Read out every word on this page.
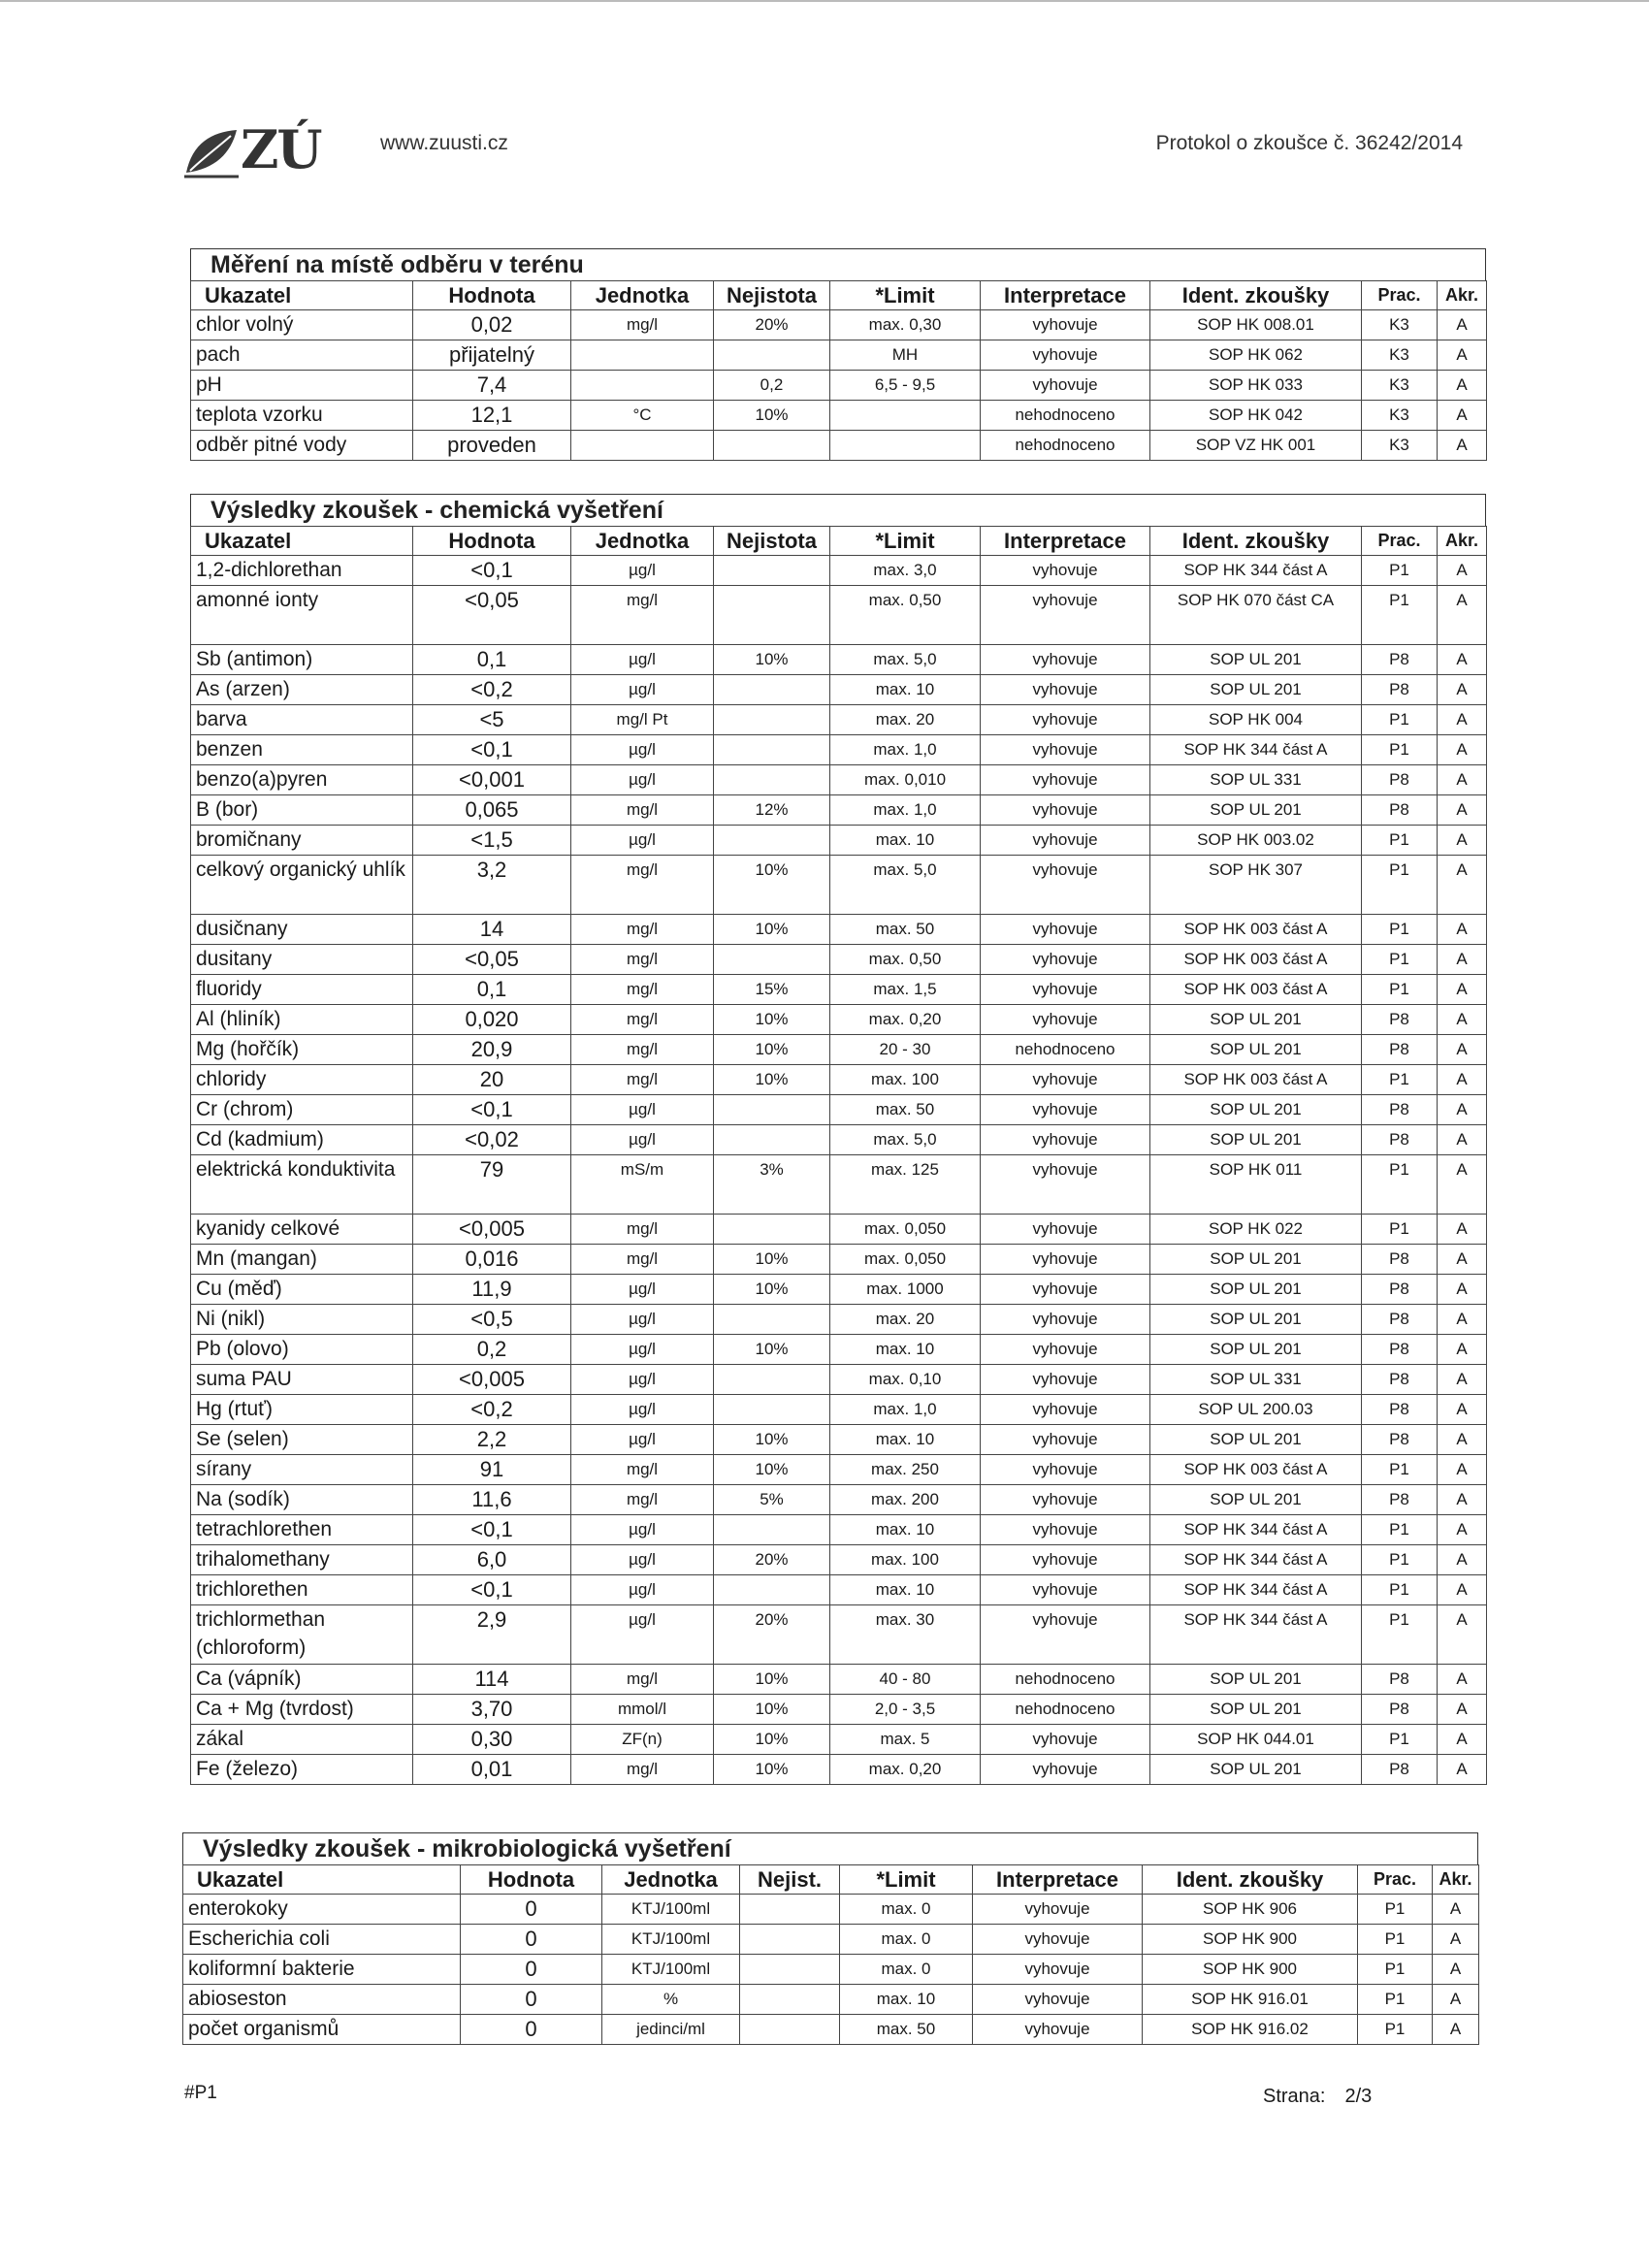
ZÚ	www.zuusti.cz	Protokol o zkoušce č. 36242/2014
Měření na místě odběru v terénu
Ukazatel	Hodnota	Jednotka	Nejistota	*Limit	Interpretace	Ident. zkoušky	Prac.	Akr.
chlor volný	0,02	mg/l	20%	max. 0,30	vyhovuje	SOP HK 008.01	K3	A
pach	přijatelný			MH	vyhovuje	SOP HK 062	K3	A
pH	7,4		0,2	6,5 - 9,5	vyhovuje	SOP HK 033	K3	A
teplota vzorku	12,1	°C	10%		nehodnoceno	SOP HK 042	K3	A
odběr pitné vody	proveden				nehodnoceno	SOP VZ HK 001	K3	A
Výsledky zkoušek - chemická vyšetření
Ukazatel	Hodnota	Jednotka	Nejistota	*Limit	Interpretace	Ident. zkoušky	Prac.	Akr.
1,2-dichlorethan	<0,1	µg/l		max. 3,0	vyhovuje	SOP HK 344 část A	P1	A
amonné ionty	<0,05	mg/l		max. 0,50	vyhovuje	SOP HK 070 část CA	P1	A
Sb (antimon)	0,1	µg/l	10%	max. 5,0	vyhovuje	SOP UL 201	P8	A
As (arzen)	<0,2	µg/l		max. 10	vyhovuje	SOP UL 201	P8	A
barva	<5	mg/l Pt		max. 20	vyhovuje	SOP HK 004	P1	A
benzen	<0,1	µg/l		max. 1,0	vyhovuje	SOP HK 344 část A	P1	A
benzo(a)pyren	<0,001	µg/l		max. 0,010	vyhovuje	SOP UL 331	P8	A
B (bor)	0,065	mg/l	12%	max. 1,0	vyhovuje	SOP UL 201	P8	A
bromičnany	<1,5	µg/l		max. 10	vyhovuje	SOP HK 003.02	P1	A
celkový organický uhlík	3,2	mg/l	10%	max. 5,0	vyhovuje	SOP HK 307	P1	A
dusičnany	14	mg/l	10%	max. 50	vyhovuje	SOP HK 003 část A	P1	A
dusitany	<0,05	mg/l		max. 0,50	vyhovuje	SOP HK 003 část A	P1	A
fluoridy	0,1	mg/l	15%	max. 1,5	vyhovuje	SOP HK 003 část A	P1	A
Al (hliník)	0,020	mg/l	10%	max. 0,20	vyhovuje	SOP UL 201	P8	A
Mg (hořčík)	20,9	mg/l	10%	20 - 30	nehodnoceno	SOP UL 201	P8	A
chloridy	20	mg/l	10%	max. 100	vyhovuje	SOP HK 003 část A	P1	A
Cr (chrom)	<0,1	µg/l		max. 50	vyhovuje	SOP UL 201	P8	A
Cd (kadmium)	<0,02	µg/l		max. 5,0	vyhovuje	SOP UL 201	P8	A
elektrická konduktivita	79	mS/m	3%	max. 125	vyhovuje	SOP HK 011	P1	A
kyanidy celkové	<0,005	mg/l		max. 0,050	vyhovuje	SOP HK 022	P1	A
Mn (mangan)	0,016	mg/l	10%	max. 0,050	vyhovuje	SOP UL 201	P8	A
Cu (měď)	11,9	µg/l	10%	max. 1000	vyhovuje	SOP UL 201	P8	A
Ni (nikl)	<0,5	µg/l		max. 20	vyhovuje	SOP UL 201	P8	A
Pb (olovo)	0,2	µg/l	10%	max. 10	vyhovuje	SOP UL 201	P8	A
suma PAU	<0,005	µg/l		max. 0,10	vyhovuje	SOP UL 331	P8	A
Hg (rtuť)	<0,2	µg/l		max. 1,0	vyhovuje	SOP UL 200.03	P8	A
Se (selen)	2,2	µg/l	10%	max. 10	vyhovuje	SOP UL 201	P8	A
sírany	91	mg/l	10%	max. 250	vyhovuje	SOP HK 003 část A	P1	A
Na (sodík)	11,6	mg/l	5%	max. 200	vyhovuje	SOP UL 201	P8	A
tetrachlorethen	<0,1	µg/l		max. 10	vyhovuje	SOP HK 344 část A	P1	A
trihalomethany	6,0	µg/l	20%	max. 100	vyhovuje	SOP HK 344 část A	P1	A
trichlorethen	<0,1	µg/l		max. 10	vyhovuje	SOP HK 344 část A	P1	A
trichlormethan (chloroform)	2,9	µg/l	20%	max. 30	vyhovuje	SOP HK 344 část A	P1	A
Ca (vápník)	114	mg/l	10%	40 - 80	nehodnoceno	SOP UL 201	P8	A
Ca + Mg (tvrdost)	3,70	mmol/l	10%	2,0 - 3,5	nehodnoceno	SOP UL 201	P8	A
zákal	0,30	ZF(n)	10%	max. 5	vyhovuje	SOP HK 044.01	P1	A
Fe (železo)	0,01	mg/l	10%	max. 0,20	vyhovuje	SOP UL 201	P8	A
Výsledky zkoušek - mikrobiologická vyšetření
Ukazatel	Hodnota	Jednotka	Nejist.	*Limit	Interpretace	Ident. zkoušky	Prac.	Akr.
enterokoky	0	KTJ/100ml		max. 0	vyhovuje	SOP HK 906	P1	A
Escherichia coli	0	KTJ/100ml		max. 0	vyhovuje	SOP HK 900	P1	A
koliformní bakterie	0	KTJ/100ml		max. 0	vyhovuje	SOP HK 900	P1	A
abioseston	0	%		max. 10	vyhovuje	SOP HK 916.01	P1	A
počet organismů	0	jedinci/ml		max. 50	vyhovuje	SOP HK 916.02	P1	A
#P1	Strana: 2/3
